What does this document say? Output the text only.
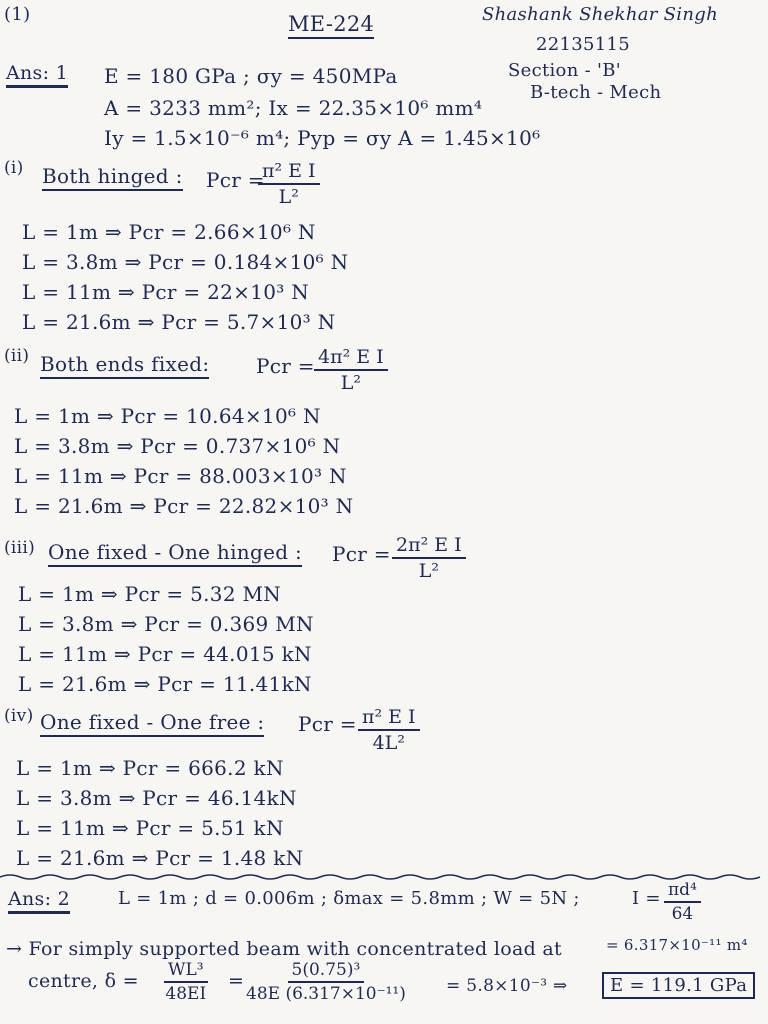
(1)	ME-224	Shashank Shekhar Singh
22135115
Section - 'B'
B-tech - Mech
Ans: 1 E = 180 GPa ; σy = 450MPa
A = 3233 mm²; Ix = 22.35×10⁶ mm⁴
Iy = 1.5×10⁻⁶ m⁴; Pyp = σy A = 1.45×10⁶
(i) Both hinged : Pcr =
$\frac{\text{π² E I}}{\text{L²}}$
L = 1m ⇒ Pcr = 2.66×10⁶ N
L = 3.8m ⇒ Pcr = 0.184×10⁶ N
L = 11m ⇒ Pcr = 22×10³ N
L = 21.6m ⇒ Pcr = 5.7×10³ N
(ii) Both ends fixed: Pcr = $\frac{\text{4π² E I}}{\text{L²}}$
L = 1m ⇒ Pcr = 10.64×10⁶ N
L = 3.8m ⇒ Pcr = 0.737×10⁶ N
L = 11m ⇒ Pcr = 88.003×10³ N
L = 21.6m ⇒ Pcr = 22.82×10³ N
(iii) One fixed - One hinged : Pcr = $\frac{\text{2π² E I}}{\text{L²}}$
L = 1m ⇒ Pcr = 5.32 MN
L = 3.8m ⇒ Pcr = 0.369 MN
L = 11m ⇒ Pcr = 44.015 kN
L = 21.6m ⇒ Pcr = 11.41kN
(iv) One fixed - One free : Pcr = $\frac{\text{π² E I}}{\text{4L²}}$
L = 1m ⇒ Pcr = 666.2 kN
L = 3.8m ⇒ Pcr = 46.14kN
L = 11m ⇒ Pcr = 5.51 kN
L = 21.6m ⇒ Pcr = 1.48 kN
Ans: 2	L = 1m ; d = 0.006m ; δmax = 5.8mm ; W = 5N ;	$I = \frac{\text{πd⁴}}{64}$
= 6.317×10⁻¹¹ m⁴
→ For simply supported beam with concentrated load at
centre, $\delta = \frac{\text{WL³}}{48EI} = \frac{\text{5(0.75)³}}{\text{48E (6.317×10⁻¹¹)}} = 5.8\times 10^{-3}$ ⇒	E = 119.1 GPa
